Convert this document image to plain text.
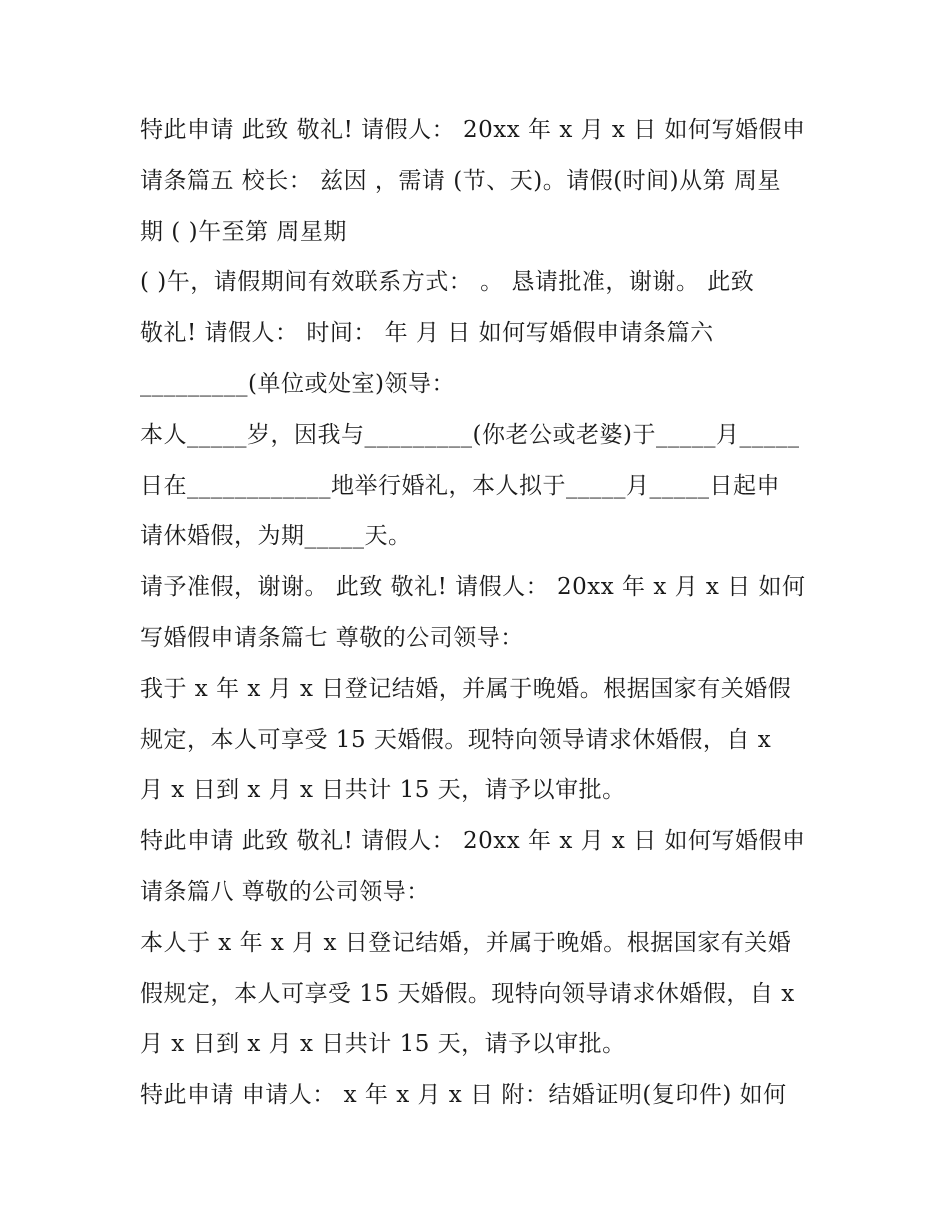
特此申请 此致 敬礼! 请假人： 20xx 年 x 月 x 日 如何写婚假申
请条篇五 校长： 兹因 ，需请 (节、天)。请假(时间)从第 周星
期 ( )午至第 周星期
( )午，请假期间有效联系方式： 。 恳请批准，谢谢。 此致
敬礼! 请假人： 时间： 年 月 日 如何写婚假申请条篇六
_________(单位或处室)领导：
本人_____岁，因我与_________(你老公或老婆)于_____月_____
日在____________地举行婚礼，本人拟于_____月_____日起申
请休婚假，为期_____天。
请予准假，谢谢。 此致 敬礼! 请假人： 20xx 年 x 月 x 日 如何
写婚假申请条篇七 尊敬的公司领导：
我于 x 年 x 月 x 日登记结婚，并属于晚婚。根据国家有关婚假
规定，本人可享受 15 天婚假。现特向领导请求休婚假，自 x
月 x 日到 x 月 x 日共计 15 天，请予以审批。
特此申请 此致 敬礼! 请假人： 20xx 年 x 月 x 日 如何写婚假申
请条篇八 尊敬的公司领导：
本人于 x 年 x 月 x 日登记结婚，并属于晚婚。根据国家有关婚
假规定，本人可享受 15 天婚假。现特向领导请求休婚假，自 x
月 x 日到 x 月 x 日共计 15 天，请予以审批。
特此申请 申请人： x 年 x 月 x 日 附：结婚证明(复印件) 如何
